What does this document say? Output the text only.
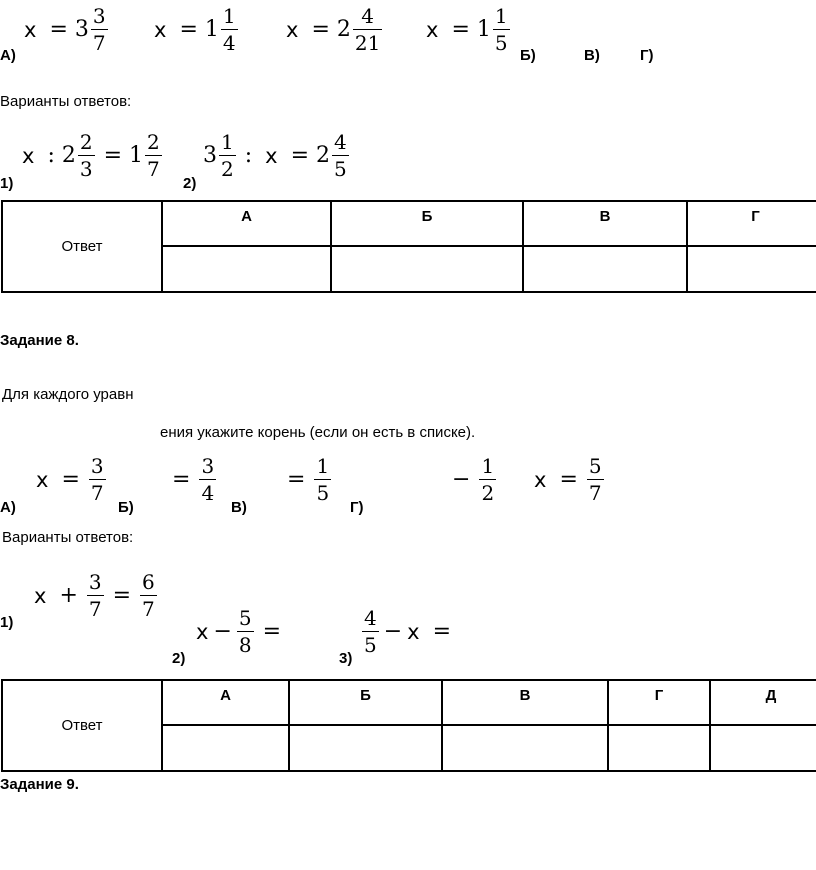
$x = 3 \frac{3}{7}$ $x = 1 \frac{1}{4}$ $x = 2 \frac{4}{21}$ $x = 1 \frac{1}{5}$
А)	Б)	В)	Г)
Варианты ответов:
x : $2 \frac{2}{3} = 1 \frac{2}{7}$
1)
$3 \frac{1}{2}$ : $x = 2 \frac{4}{5}$
2)
Ответ	А	Б	В	Г

Задание 8.
Для каждого уравн
ения укажите корень (если он есть в списке).
$x = \frac{3}{7}$	= $\frac{3}{4}$	= $\frac{1}{5}$	− $\frac{1}{2}$ $x = \frac{5}{7}$
А)	Б)	В)	Г)
Варианты ответов:
$x + \frac{3}{7} = \frac{6}{7}$
1)	$x - \frac{5}{8}$ =
2)
$\frac{4}{5} - x$ =
3)
Ответ	А	Б	В	Г	Д

Задание 9.
